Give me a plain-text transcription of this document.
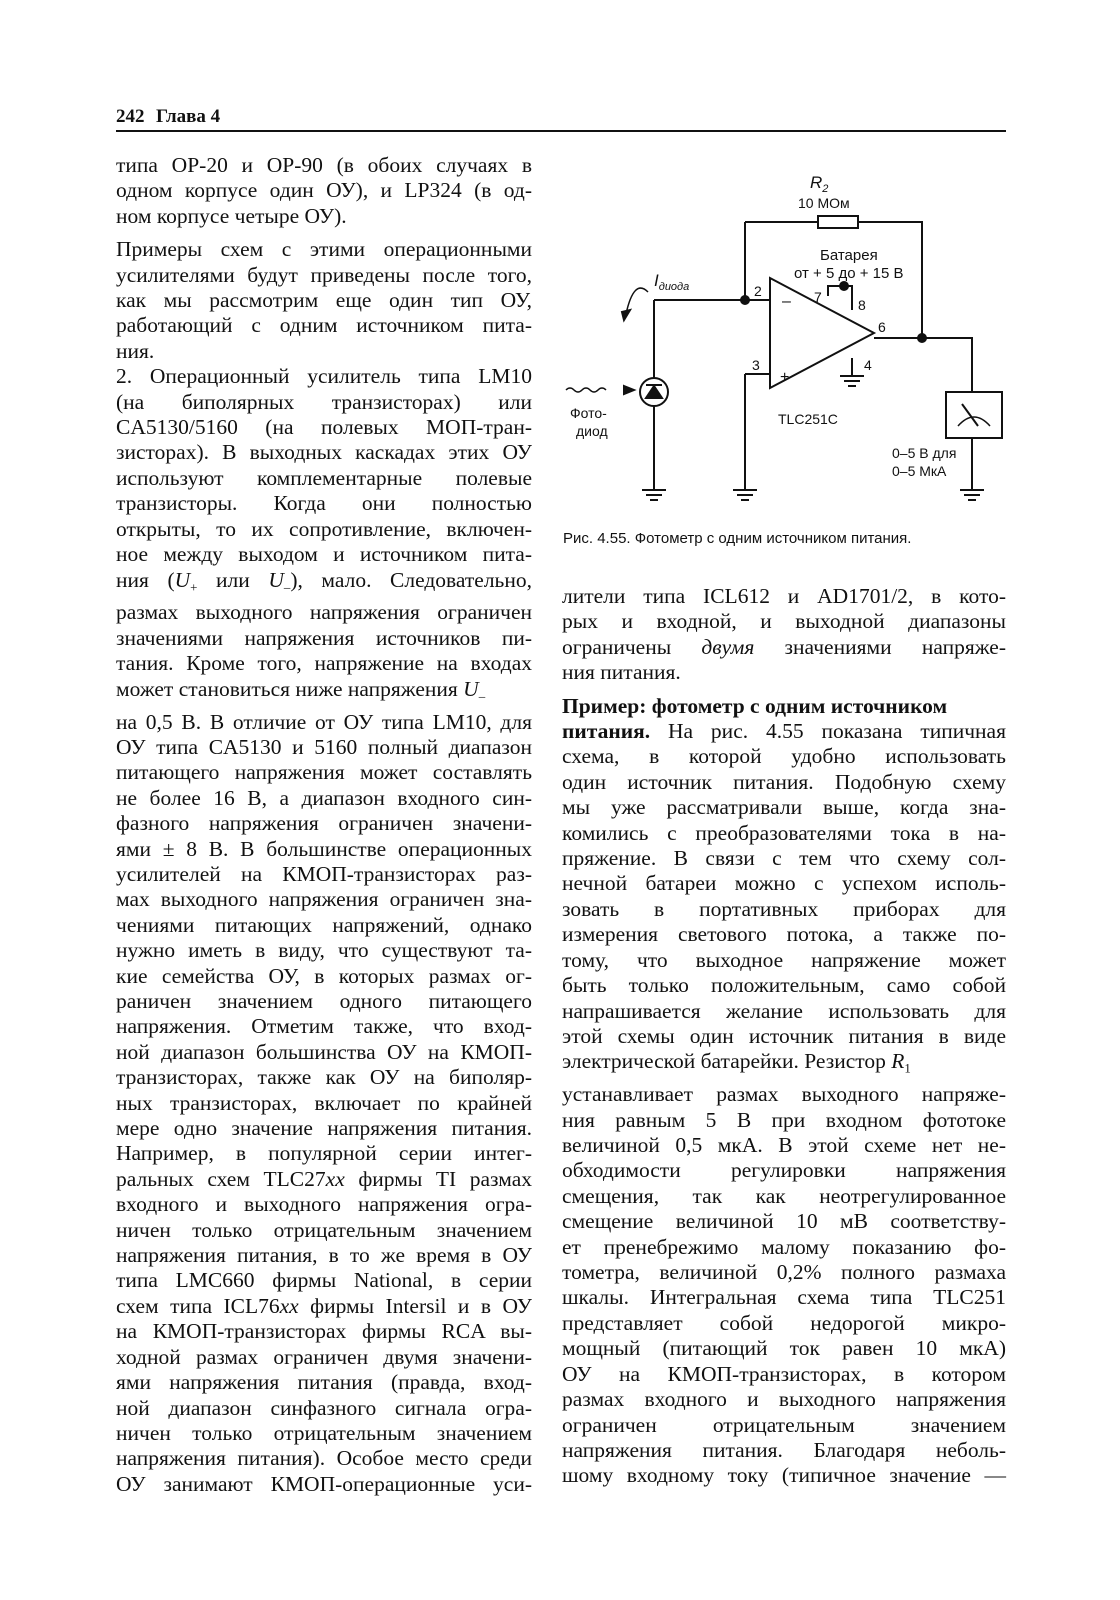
242 Глава 4
типа OP-20 и OP-90 (в обоих случаях в
одном корпусе один ОУ), и LP324 (в од-
ном корпусе четыре ОУ).
Примеры схем с этими операционными
усилителями будут приведены после того,
как мы рассмотрим еще один тип ОУ,
работающий с одним источником пита-
ния.
2. Операционный усилитель типа LM10
(на биполярных транзисторах) или
CA5130/5160 (на полевых МОП-тран-
зисторах). В выходных каскадах этих ОУ
используют комплементарные полевые
транзисторы. Когда они полностью
открыты, то их сопротивление, включен-
ное между выходом и источником пита-
ния ($U_+$ или $U_-$), мало. Следовательно,
размах выходного напряжения ограничен
значениями напряжения источников пи-
тания. Кроме того, напряжение на входах
может становиться ниже напряжения $U_-$
на 0,5 В. В отличие от ОУ типа LM10, для
ОУ типа CA5130 и 5160 полный диапазон
питающего напряжения может составлять
не более 16 В, а диапазон входного син-
фазного напряжения ограничен значени-
ями ± 8 В. В большинстве операционных
усилителей на КМОП-транзисторах раз-
мах выходного напряжения ограничен зна-
чениями питающих напряжений, однако
нужно иметь в виду, что существуют та-
кие семейства ОУ, в которых размах ог-
раничен значением одного питающего
напряжения. Отметим также, что вход-
ной диапазон большинства ОУ на КМОП-
транзисторах, также как ОУ на биполяр-
ных транзисторах, включает по крайней
мере одно значение напряжения питания.
Например, в популярной серии интег-
ральных схем TLC27xx фирмы TI размах
входного и выходного напряжения огра-
ничен только отрицательным значением
напряжения питания, в то же время в ОУ
типа LMC660 фирмы National, в серии
схем типа ICL76xx фирмы Intersil и в ОУ
на КМОП-транзисторах фирмы RCA вы-
ходной размах ограничен двумя значени-
ями напряжения питания (правда, вход-
ной диапазон синфазного сигнала огра-
ничен только отрицательным значением
напряжения питания). Особое место среди
ОУ занимают КМОП-операционные уси-
$R_2$
10 МОм
Батарея
от + 5 до + 15 В
–
+
2
3
7	8
4
6
0–5 В для
0–5 МкА
Фото-
диод
$I_{диода}$
TLC251C
Рис. 4.55. Фотометр с одним источником питания.
лители типа ICL612 и AD1701/2, в кото-
рых и входной, и выходной диапазоны
ограничены двумя значениями напряже-
ния питания.
Пример: фотометр с одним источником
питания. На рис. 4.55 показана типичная
схема, в которой удобно использовать
один источник питания. Подобную схему
мы уже рассматривали выше, когда зна-
комились с преобразователями тока в на-
пряжение. В связи с тем что схему сол-
нечной батареи можно с успехом исполь-
зовать в портативных приборах для
измерения светового потока, а также по-
тому, что выходное напряжение может
быть только положительным, само собой
напрашивается желание использовать для
этой схемы один источник питания в виде
электрической батарейки. Резистор $R_1$
устанавливает размах выходного напряже-
ния равным 5 В при входном фототоке
величиной 0,5 мкА. В этой схеме нет не-
обходимости регулировки напряжения
смещения, так как неотрегулированное
смещение величиной 10 мВ соответству-
ет пренебрежимо малому показанию фо-
тометра, величиной 0,2% полного размаха
шкалы. Интегральная схема типа TLC251
представляет собой недорогой микро-
мощный (питающий ток равен 10 мкА)
ОУ на КМОП-транзисторах, в котором
размах входного и выходного напряжения
ограничен отрицательным значением
напряжения питания. Благодаря неболь-
шому входному току (типичное значение —
